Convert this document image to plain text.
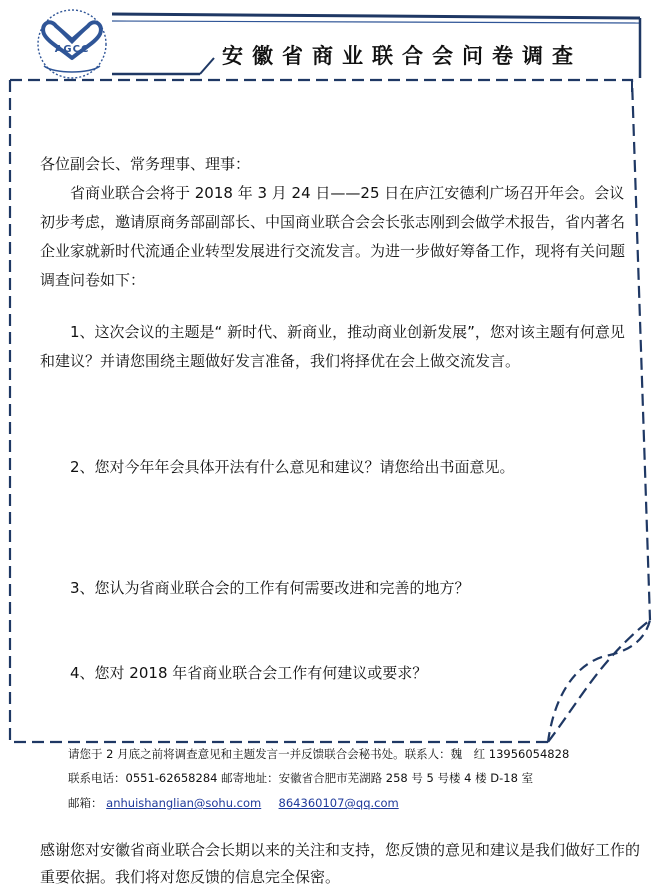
AGCC	安徽省商业联合会问卷调查

各位副会长、常务理事、理事：

省商业联合会将于 2018 年 3 月 24 日——25 日在庐江安德利广场召开年会。会议初步考虑，邀请原商务部副部长、中国商业联合会会长张志刚到会做学术报告，省内著名企业家就新时代流通企业转型发展进行交流发言。为进一步做好筹备工作，现将有关问题调查问卷如下：

1、这次会议的主题是“ 新时代、新商业，推动商业创新发展”，您对该主题有何意见和建议？并请您围绕主题做好发言准备，我们将择优在会上做交流发言。

2、您对今年年会具体开法有什么意见和建议？请您给出书面意见。

3、您认为省商业联合会的工作有何需要改进和完善的地方？

4、您对 2018 年省商业联合会工作有何建议或要求？

请您于 2 月底之前将调查意见和主题发言一并反馈联合会秘书处。联系人：魏　红 13956054828
联系电话：0551-62658284 邮寄地址：安徽省合肥市芜湖路 258 号 5 号楼 4 楼 D-18 室
邮箱： anhuishanglian@sohu.com 864360107@qq.com

感谢您对安徽省商业联合会长期以来的关注和支持，您反馈的意见和建议是我们做好工作的重要依据。我们将对您反馈的信息完全保密。
